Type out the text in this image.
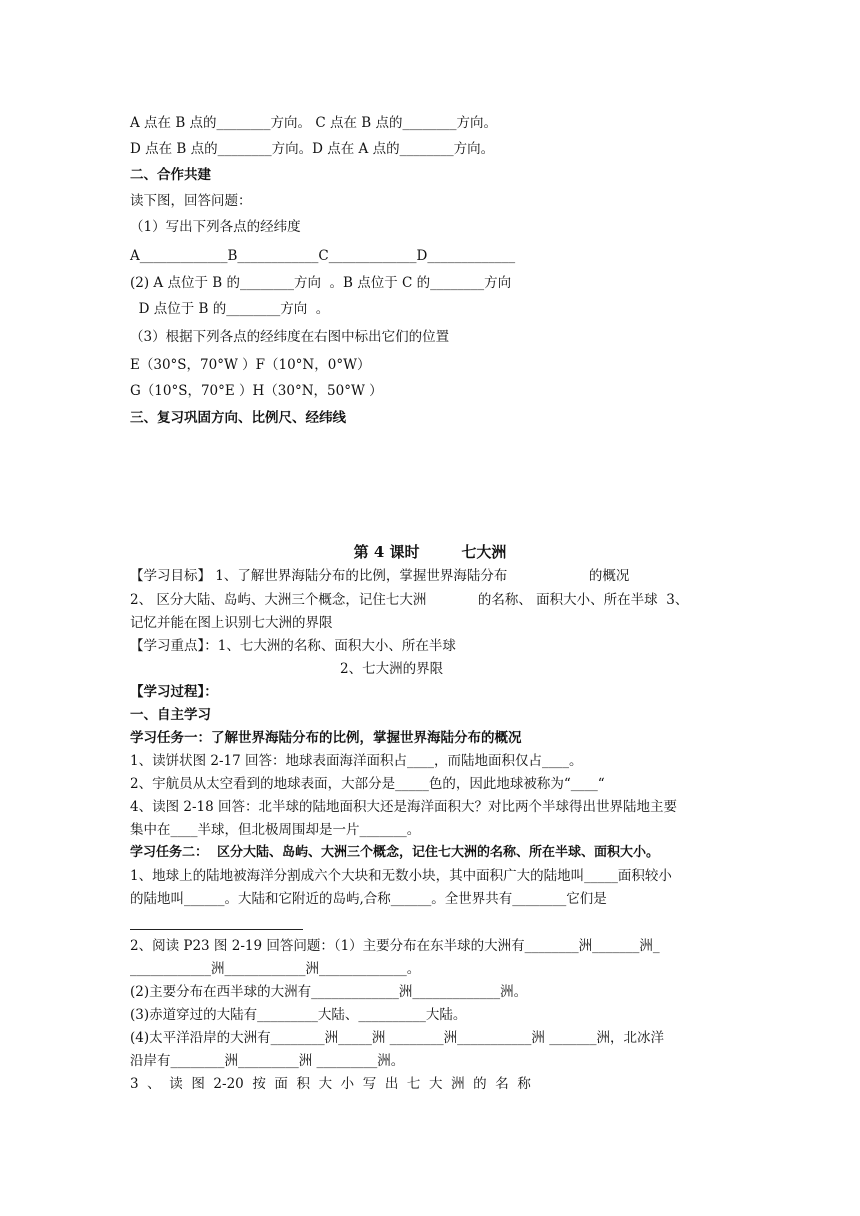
A 点在 B 点的________方向。 C 点在 B 点的________方向。
D 点在 B 点的________方向。D 点在 A 点的________方向。
二、合作共建
读下图，回答问题：
（1）写出下列各点的经纬度
A_____________B____________C_____________D_____________
(2) A 点位于 B 的________方向  。B 点位于 C 的________方向
D 点位于 B 的________方向  。
（3）根据下列各点的经纬度在右图中标出它们的位置
E（30°S，70°W ）F（10°N，0°W）
G（10°S，70°E ）H（30°N，50°W ）
三、复习巩固方向、比例尺、经纬线
第 4 课时        七大洲
【学习目标】 1、了解世界海陆分布的比例，掌握世界海陆分布                   的概况
2、 区分大陆、岛屿、大洲三个概念，记住七大洲            的名称、 面积大小、所在半球  3、
记忆并能在图上识别七大洲的界限
【学习重点】：1、七大洲的名称、面积大小、所在半球
2、七大洲的界限
【学习过程】：
一、自主学习
学习任务一：了解世界海陆分布的比例，掌握世界海陆分布的概况
1、读饼状图 2-17 回答：地球表面海洋面积占____，而陆地面积仅占____。
2、宇航员从太空看到的地球表面，大部分是_____色的，因此地球被称为“____“
4、读图 2-18 回答：北半球的陆地面积大还是海洋面积大？对比两个半球得出世界陆地主要
集中在____半球，但北极周围却是一片_______。
学习任务二：  区分大陆、岛屿、大洲三个概念，记住七大洲的名称、所在半球、面积大小。
1、地球上的陆地被海洋分割成六个大块和无数小块，其中面积广大的陆地叫_____面积较小
的陆地叫______。大陆和它附近的岛屿,合称______。全世界共有________它们是
2、阅读 P23 图 2-19 回答问题：（1）主要分布在东半球的大洲有________洲_______洲_
____________洲____________洲_____________。
(2)主要分布在西半球的大洲有_____________洲_____________洲。
(3)赤道穿过的大陆有_________大陆、__________大陆。
(4)太平洋沿岸的大洲有________洲_____洲 ________洲___________洲 _______洲，北冰洋
沿岸有________洲_________洲 _________洲。
3  、  读  图  2-20  按  面  积  大  小  写  出  七  大  洲  的  名  称
